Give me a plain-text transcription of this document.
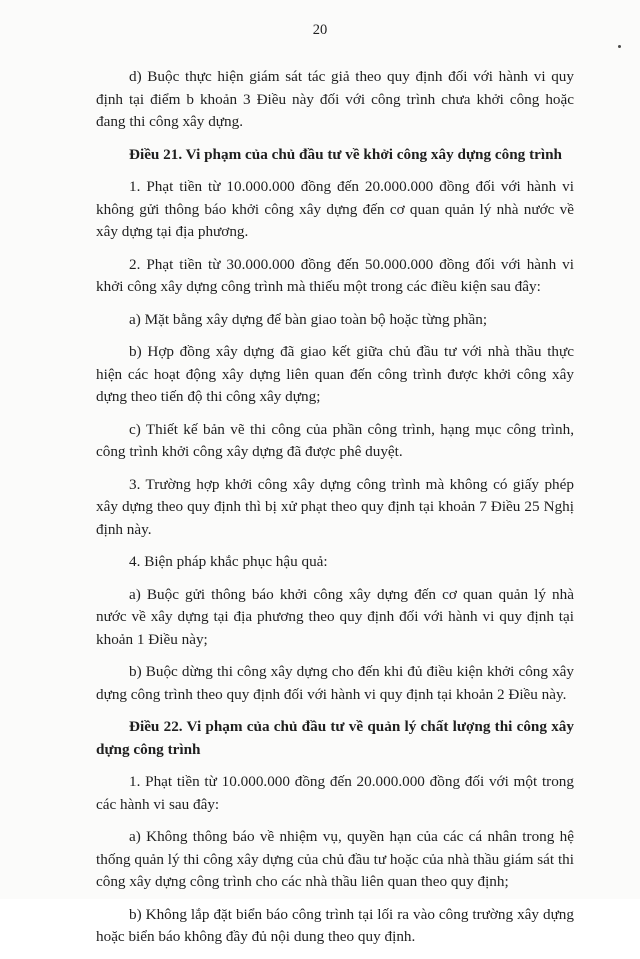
20

d) Buộc thực hiện giám sát tác giả theo quy định đối với hành vi quy định tại điểm b khoản 3 Điều này đối với công trình chưa khởi công hoặc đang thi công xây dựng.

Điều 21. Vi phạm của chủ đầu tư về khởi công xây dựng công trình

1. Phạt tiền từ 10.000.000 đồng đến 20.000.000 đồng đối với hành vi không gửi thông báo khởi công xây dựng đến cơ quan quản lý nhà nước về xây dựng tại địa phương.

2. Phạt tiền từ 30.000.000 đồng đến 50.000.000 đồng đối với hành vi khởi công xây dựng công trình mà thiếu một trong các điều kiện sau đây:

a) Mặt bằng xây dựng để bàn giao toàn bộ hoặc từng phần;

b) Hợp đồng xây dựng đã giao kết giữa chủ đầu tư với nhà thầu thực hiện các hoạt động xây dựng liên quan đến công trình được khởi công xây dựng theo tiến độ thi công xây dựng;

c) Thiết kế bản vẽ thi công của phần công trình, hạng mục công trình, công trình khởi công xây dựng đã được phê duyệt.

3. Trường hợp khởi công xây dựng công trình mà không có giấy phép xây dựng theo quy định thì bị xử phạt theo quy định tại khoản 7 Điều 25 Nghị định này.

4. Biện pháp khắc phục hậu quả:

a) Buộc gửi thông báo khởi công xây dựng đến cơ quan quản lý nhà nước về xây dựng tại địa phương theo quy định đối với hành vi quy định tại khoản 1 Điều này;

b) Buộc dừng thi công xây dựng cho đến khi đủ điều kiện khởi công xây dựng công trình theo quy định đối với hành vi quy định tại khoản 2 Điều này.

Điều 22. Vi phạm của chủ đầu tư về quản lý chất lượng thi công xây dựng công trình

1. Phạt tiền từ 10.000.000 đồng đến 20.000.000 đồng đối với một trong các hành vi sau đây:

a) Không thông báo về nhiệm vụ, quyền hạn của các cá nhân trong hệ thống quản lý thi công xây dựng của chủ đầu tư hoặc của nhà thầu giám sát thi công xây dựng công trình cho các nhà thầu liên quan theo quy định;

b) Không lắp đặt biển báo công trình tại lối ra vào công trường xây dựng hoặc biển báo không đầy đủ nội dung theo quy định.
